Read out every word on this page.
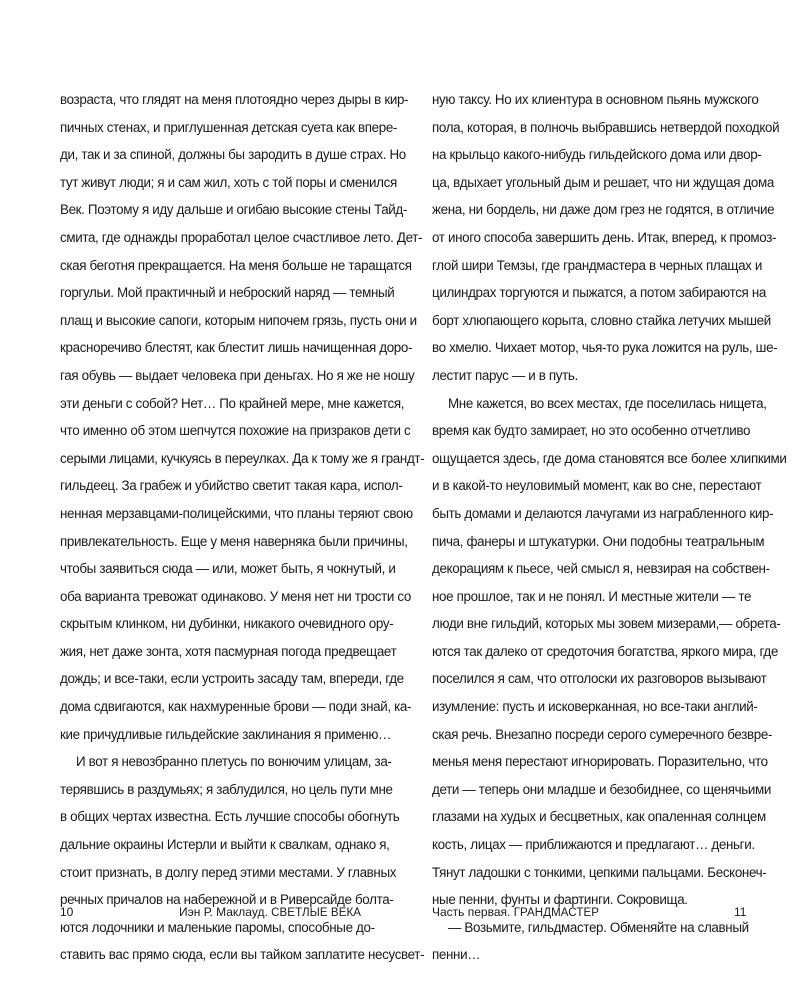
возраста, что глядят на меня плотоядно через дыры в кир-
пичных стенах, и приглушенная детская суета как впере-
ди, так и за спиной, должны бы зародить в душе страх. Но
тут живут люди; я и сам жил, хоть с той поры и сменился
Век. Поэтому я иду дальше и огибаю высокие стены Тайд-
смита, где однажды проработал целое счастливое лето. Дет-
ская беготня прекращается. На меня больше не таращатся
горгульи. Мой практичный и неброский наряд — темный
плащ и высокие сапоги, которым нипочем грязь, пусть они и
красноречиво блестят, как блестит лишь начищенная доро-
гая обувь — выдает человека при деньгах. Но я же не ношу
эти деньги с собой? Нет… По крайней мере, мне кажется,
что именно об этом шепчутся похожие на призраков дети с
серыми лицами, кучкуясь в переулках. Да к тому же я грандт-
гильдеец. За грабеж и убийство светит такая кара, испол-
ненная мерзавцами-полицейскими, что планы теряют свою
привлекательность. Еще у меня наверняка были причины,
чтобы заявиться сюда — или, может быть, я чокнутый, и
оба варианта тревожат одинаково. У меня нет ни трости со
скрытым клинком, ни дубинки, никакого очевидного ору-
жия, нет даже зонта, хотя пасмурная погода предвещает
дождь; и все-таки, если устроить засаду там, впереди, где
дома сдвигаются, как нахмуренные брови — поди знай, ка-
кие причудливые гильдейские заклинания я применю…
И вот я невозбранно плетусь по вонючим улицам, за-
терявшись в раздумьях; я заблудился, но цель пути мне
в общих чертах известна. Есть лучшие способы обогнуть
дальние окраины Истерли и выйти к свалкам, однако я,
стоит признать, в долгу перед этими местами. У главных
речных причалов на набережной и в Риверсайде болта-
ются лодочники и маленькие паромы, способные до-
ставить вас прямо сюда, если вы тайком заплатите несусвет-
ную таксу. Но их клиентура в основном пьянь мужского
пола, которая, в полночь выбравшись нетвердой походкой
на крыльцо какого-нибудь гильдейского дома или двор-
ца, вдыхает угольный дым и решает, что ни ждущая дома
жена, ни бордель, ни даже дом грез не годятся, в отличие
от иного способа завершить день. Итак, вперед, к промоз-
глой шири Темзы, где грандмастера в черных плащах и
цилиндрах торгуются и пыжатся, а потом забираются на
борт хлюпающего корыта, словно стайка летучих мышей
во хмелю. Чихает мотор, чья-то рука ложится на руль, ше-
лестит парус — и в путь.
Мне кажется, во всех местах, где поселилась нищета,
время как будто замирает, но это особенно отчетливо
ощущается здесь, где дома становятся все более хлипкими
и в какой-то неуловимый момент, как во сне, перестают
быть домами и делаются лачугами из награбленного кир-
пича, фанеры и штукатурки. Они подобны театральным
декорациям к пьесе, чей смысл я, невзирая на собствен-
ное прошлое, так и не понял. И местные жители — те
люди вне гильдий, которых мы зовем мизерами,— обрета-
ются так далеко от средоточия богатства, яркого мира, где
поселился я сам, что отголоски их разговоров вызывают
изумление: пусть и исковерканная, но все-таки англий-
ская речь. Внезапно посреди серого сумеречного безвре-
менья меня перестают игнорировать. Поразительно, что
дети — теперь они младше и безобиднее, со щенячьими
глазами на худых и бесцветных, как опаленная солнцем
кость, лицах — приближаются и предлагают… деньги.
Тянут ладошки с тонкими, цепкими пальцами. Бесконеч-
ные пенни, фунты и фартинги. Сокровища.
— Возьмите, гильдмастер. Обменяйте на славный
пенни…
10	Иэн Р. Маклауд. СВЕТЛЫЕ ВЕКА	Часть первая. ГРАНДМАСТЕР	11
